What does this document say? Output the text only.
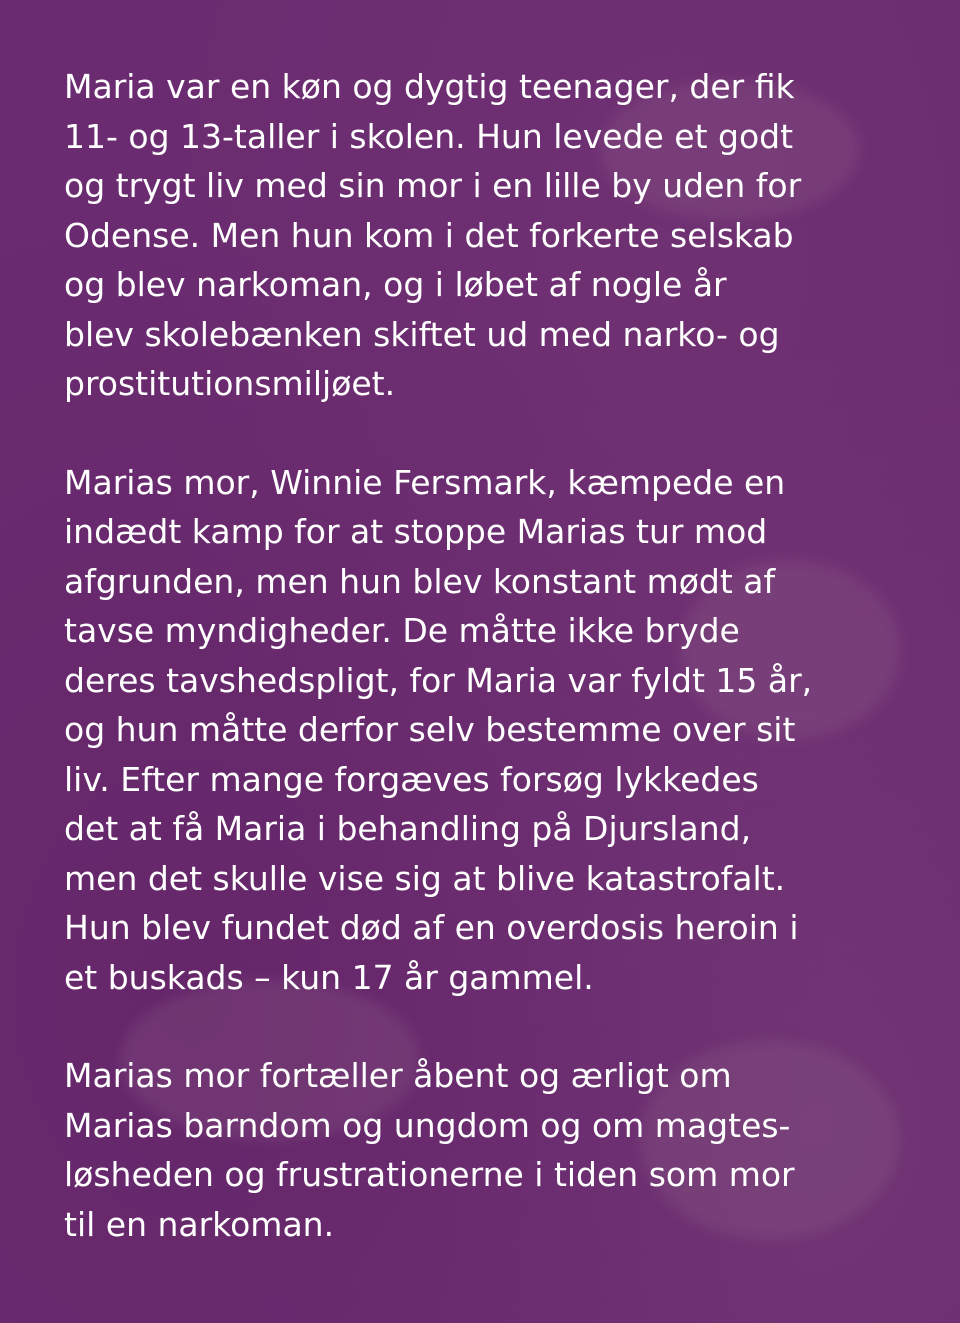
Maria var en køn og dygtig teenager, der fik
11- og 13-taller i skolen. Hun levede et godt
og trygt liv med sin mor i en lille by uden for
Odense. Men hun kom i det forkerte selskab
og blev narkoman, og i løbet af nogle år
blev skolebænken skiftet ud med narko- og
prostitutionsmiljøet.

Marias mor, Winnie Fersmark, kæmpede en
indædt kamp for at stoppe Marias tur mod
afgrunden, men hun blev konstant mødt af
tavse myndigheder. De måtte ikke bryde
deres tavshedspligt, for Maria var fyldt 15 år,
og hun måtte derfor selv bestemme over sit
liv. Efter mange forgæves forsøg lykkedes
det at få Maria i behandling på Djursland,
men det skulle vise sig at blive katastrofalt.
Hun blev fundet død af en overdosis heroin i
et buskads – kun 17 år gammel.

Marias mor fortæller åbent og ærligt om
Marias barndom og ungdom og om magtes-
løsheden og frustrationerne i tiden som mor
til en narkoman.
